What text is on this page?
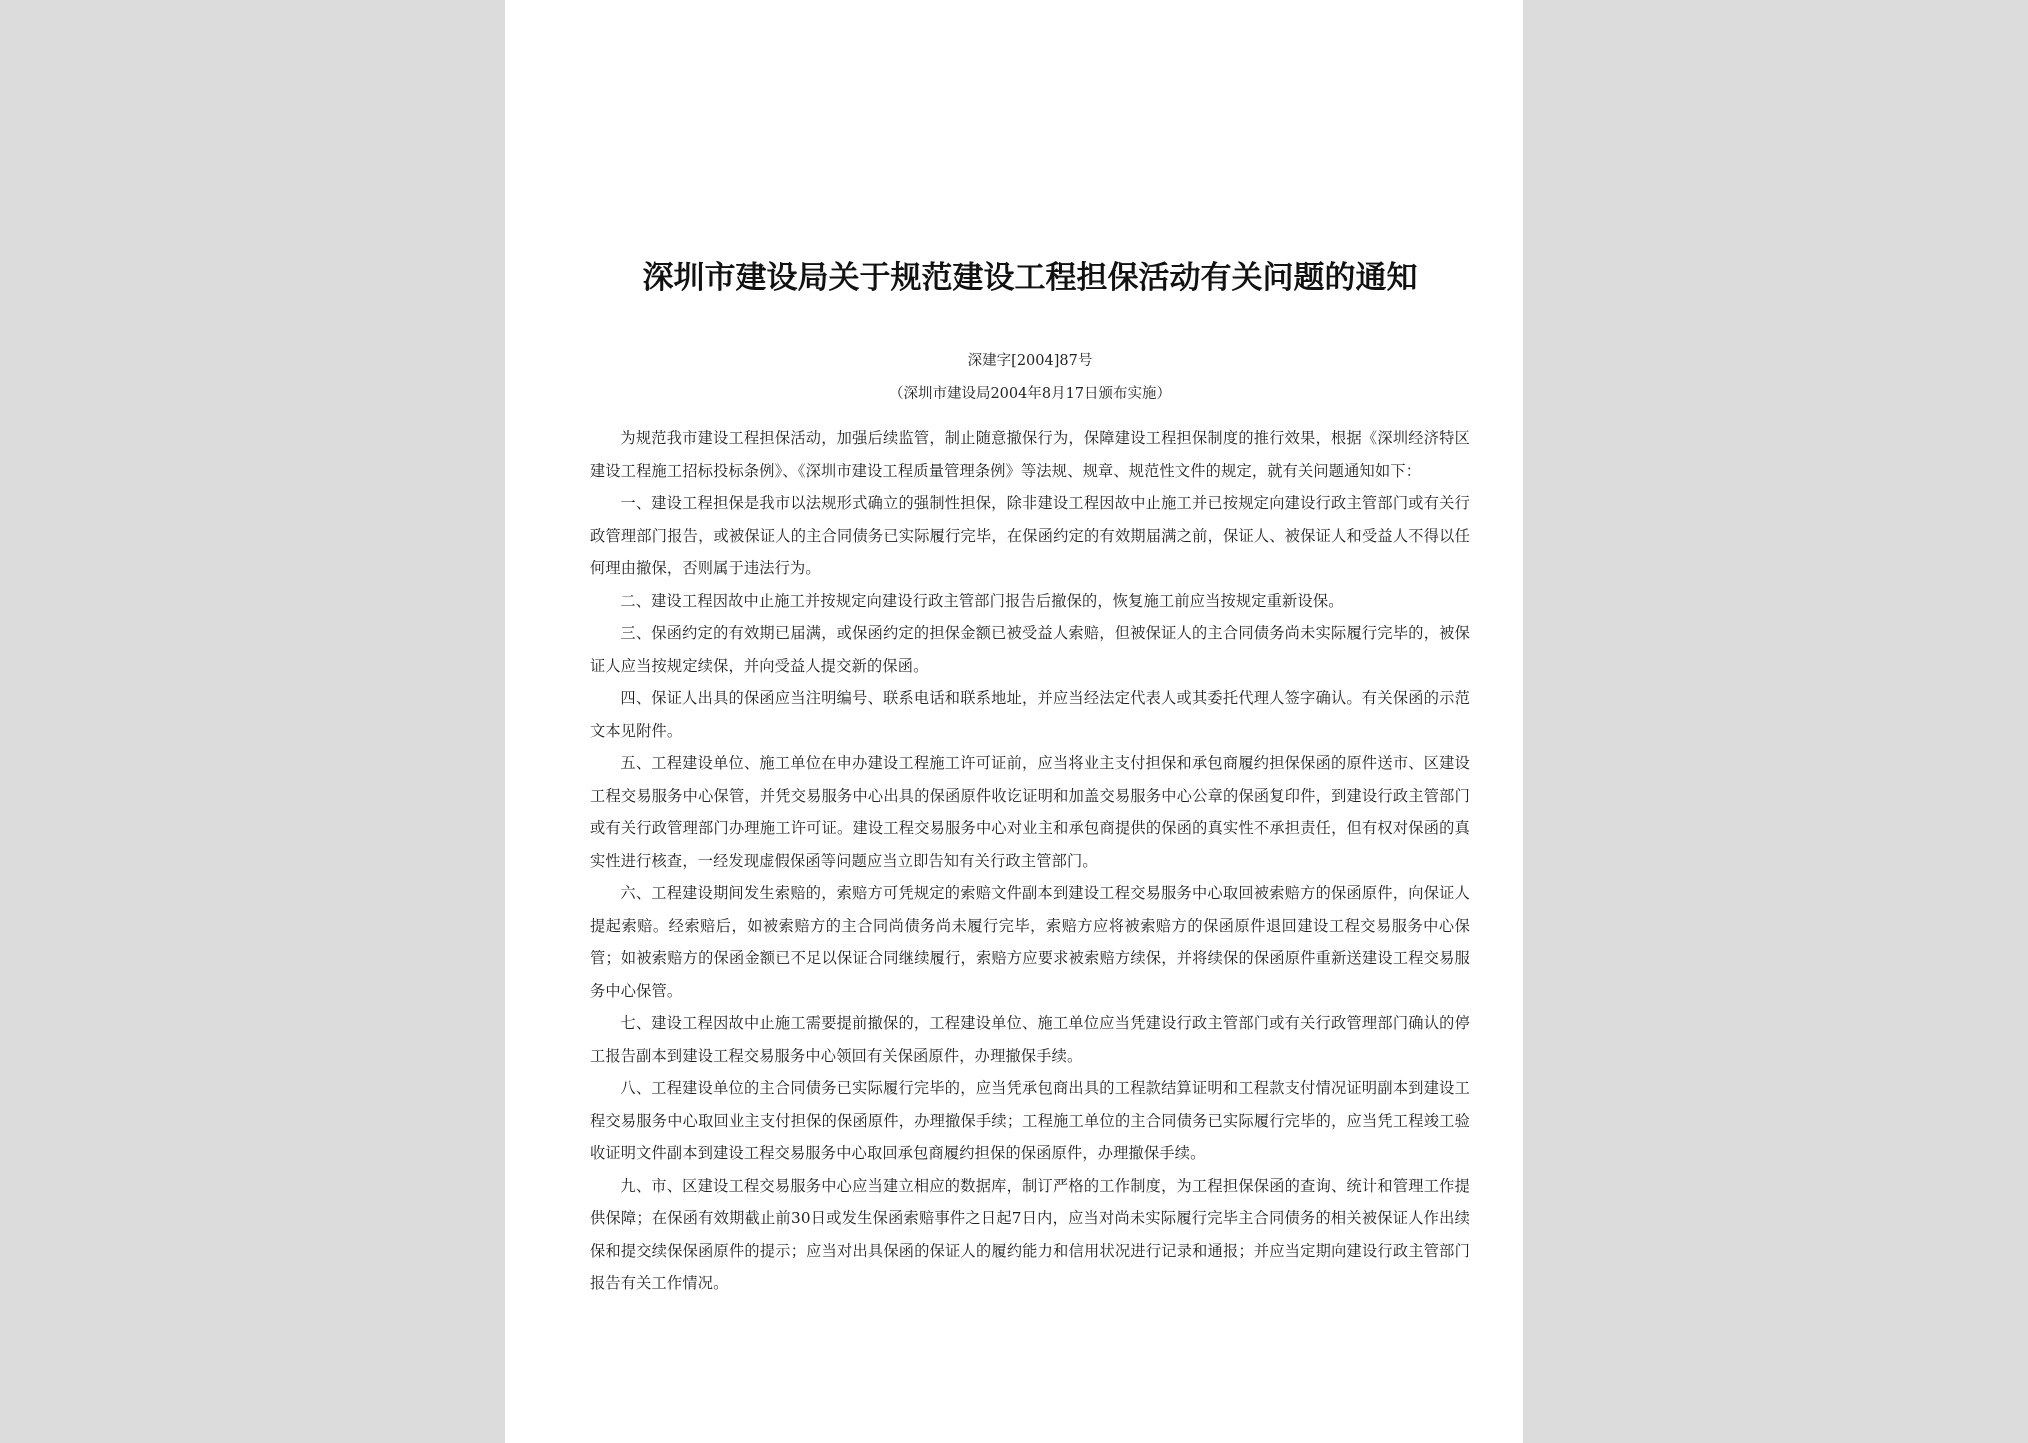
深圳市建设局关于规范建设工程担保活动有关问题的通知
深建字[2004]87号
（深圳市建设局2004年8月17日颁布实施）

为规范我市建设工程担保活动，加强后续监管，制止随意撤保行为，保障建设工程担保制度的推行效果，根据《深圳经济特区建设工程施工招标投标条例》、《深圳市建设工程质量管理条例》等法规、规章、规范性文件的规定，就有关问题通知如下：

一、建设工程担保是我市以法规形式确立的强制性担保，除非建设工程因故中止施工并已按规定向建设行政主管部门或有关行政管理部门报告，或被保证人的主合同债务已实际履行完毕，在保函约定的有效期届满之前，保证人、被保证人和受益人不得以任何理由撤保，否则属于违法行为。

二、建设工程因故中止施工并按规定向建设行政主管部门报告后撤保的，恢复施工前应当按规定重新设保。

三、保函约定的有效期已届满，或保函约定的担保金额已被受益人索赔，但被保证人的主合同债务尚未实际履行完毕的，被保证人应当按规定续保，并向受益人提交新的保函。

四、保证人出具的保函应当注明编号、联系电话和联系地址，并应当经法定代表人或其委托代理人签字确认。有关保函的示范文本见附件。

五、工程建设单位、施工单位在申办建设工程施工许可证前，应当将业主支付担保和承包商履约担保保函的原件送市、区建设工程交易服务中心保管，并凭交易服务中心出具的保函原件收讫证明和加盖交易服务中心公章的保函复印件，到建设行政主管部门或有关行政管理部门办理施工许可证。建设工程交易服务中心对业主和承包商提供的保函的真实性不承担责任，但有权对保函的真实性进行核查，一经发现虚假保函等问题应当立即告知有关行政主管部门。

六、工程建设期间发生索赔的，索赔方可凭规定的索赔文件副本到建设工程交易服务中心取回被索赔方的保函原件，向保证人提起索赔。经索赔后，如被索赔方的主合同尚债务尚未履行完毕，索赔方应将被索赔方的保函原件退回建设工程交易服务中心保管；如被索赔方的保函金额已不足以保证合同继续履行，索赔方应要求被索赔方续保，并将续保的保函原件重新送建设工程交易服务中心保管。

七、建设工程因故中止施工需要提前撤保的，工程建设单位、施工单位应当凭建设行政主管部门或有关行政管理部门确认的停工报告副本到建设工程交易服务中心领回有关保函原件，办理撤保手续。

八、工程建设单位的主合同债务已实际履行完毕的，应当凭承包商出具的工程款结算证明和工程款支付情况证明副本到建设工程交易服务中心取回业主支付担保的保函原件，办理撤保手续；工程施工单位的主合同债务已实际履行完毕的，应当凭工程竣工验收证明文件副本到建设工程交易服务中心取回承包商履约担保的保函原件，办理撤保手续。

九、市、区建设工程交易服务中心应当建立相应的数据库，制订严格的工作制度，为工程担保保函的查询、统计和管理工作提供保障；在保函有效期截止前30日或发生保函索赔事件之日起7日内，应当对尚未实际履行完毕主合同债务的相关被保证人作出续保和提交续保保函原件的提示；应当对出具保函的保证人的履约能力和信用状况进行记录和通报；并应当定期向建设行政主管部门报告有关工作情况。
